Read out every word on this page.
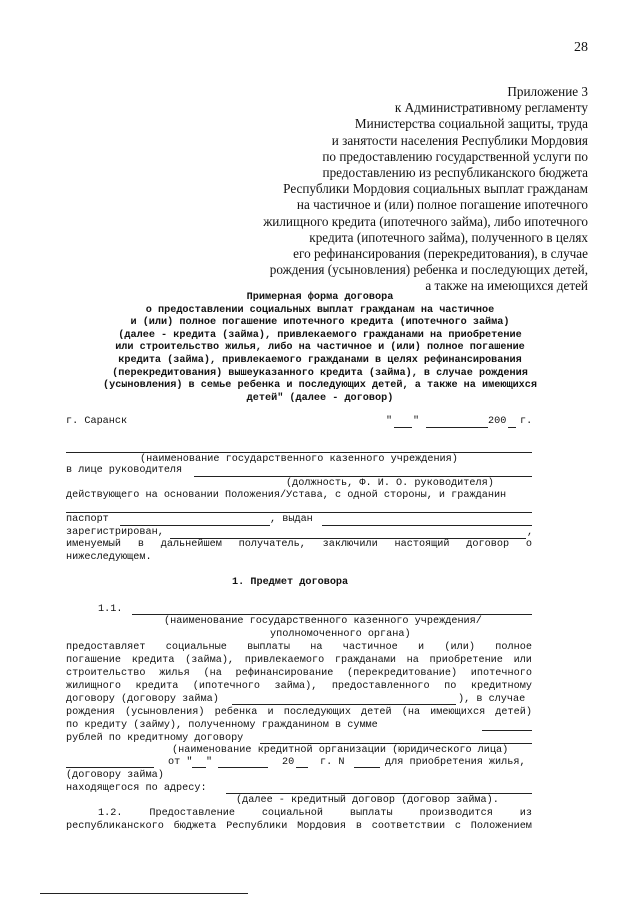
28
Приложение 3
к Административному регламенту
Министерства социальной защиты, труда
и занятости населения Республики Мордовия
по предоставлению государственной услуги по
предоставлению из республиканского бюджета
Республики Мордовия социальных выплат гражданам
на частичное и (или) полное погашение ипотечного
жилищного кредита (ипотечного займа), либо ипотечного
кредита (ипотечного займа), полученного в целях
его рефинансирования (перекредитования), в случае
рождения (усыновления) ребенка и последующих детей,
а также на имеющихся детей
Примерная форма договора
о предоставлении социальных выплат гражданам на частичное
и (или) полное погашение ипотечного кредита (ипотечного займа)
(далее - кредита (займа), привлекаемого гражданами на приобретение
или строительство жилья, либо на частичное и (или) полное погашение
кредита (займа), привлекаемого гражданами в целях рефинансирования
(перекредитования) вышеуказанного кредита (займа), в случае рождения
(усыновления) в семье ребенка и последующих детей, а также на имеющихся
детей" (далее - договор)
г. Саранск	" "	200 г.
(наименование государственного казенного учреждения)
в лице руководителя
(должность, Ф. И. О. руководителя)
действующего на основании Положения/Устава, с одной стороны, и гражданин
паспорт	, выдан
зарегистрирован,	,
именуемый в дальнейшем получатель, заключили настоящий договор о
нижеследующем.
1. Предмет договора
1.1.
(наименование государственного казенного учреждения/
уполномоченного органа)
предоставляет социальные выплаты на частичное и (или) полное
погашение кредита (займа), привлекаемого гражданами на приобретение или
строительство жилья (на рефинансирование (перекредитование) ипотечного
жилищного кредита (ипотечного займа), предоставленного по кредитному
договору (договору займа)	), в случае
рождения (усыновления) ребенка и последующих детей (на имеющихся детей)
по кредиту (займу), полученному гражданином в сумме
рублей по кредитному договору
(наименование кредитной организации (юридического лица)
от " "	20	г. N	для приобретения жилья,
(договору займа)
находящегося по адресу:
(далее - кредитный договор (договор займа).
1.2.	Предоставление	социальной	выплаты	производится	из
республиканского бюджета Республики Мордовия в соответствии с Положением
